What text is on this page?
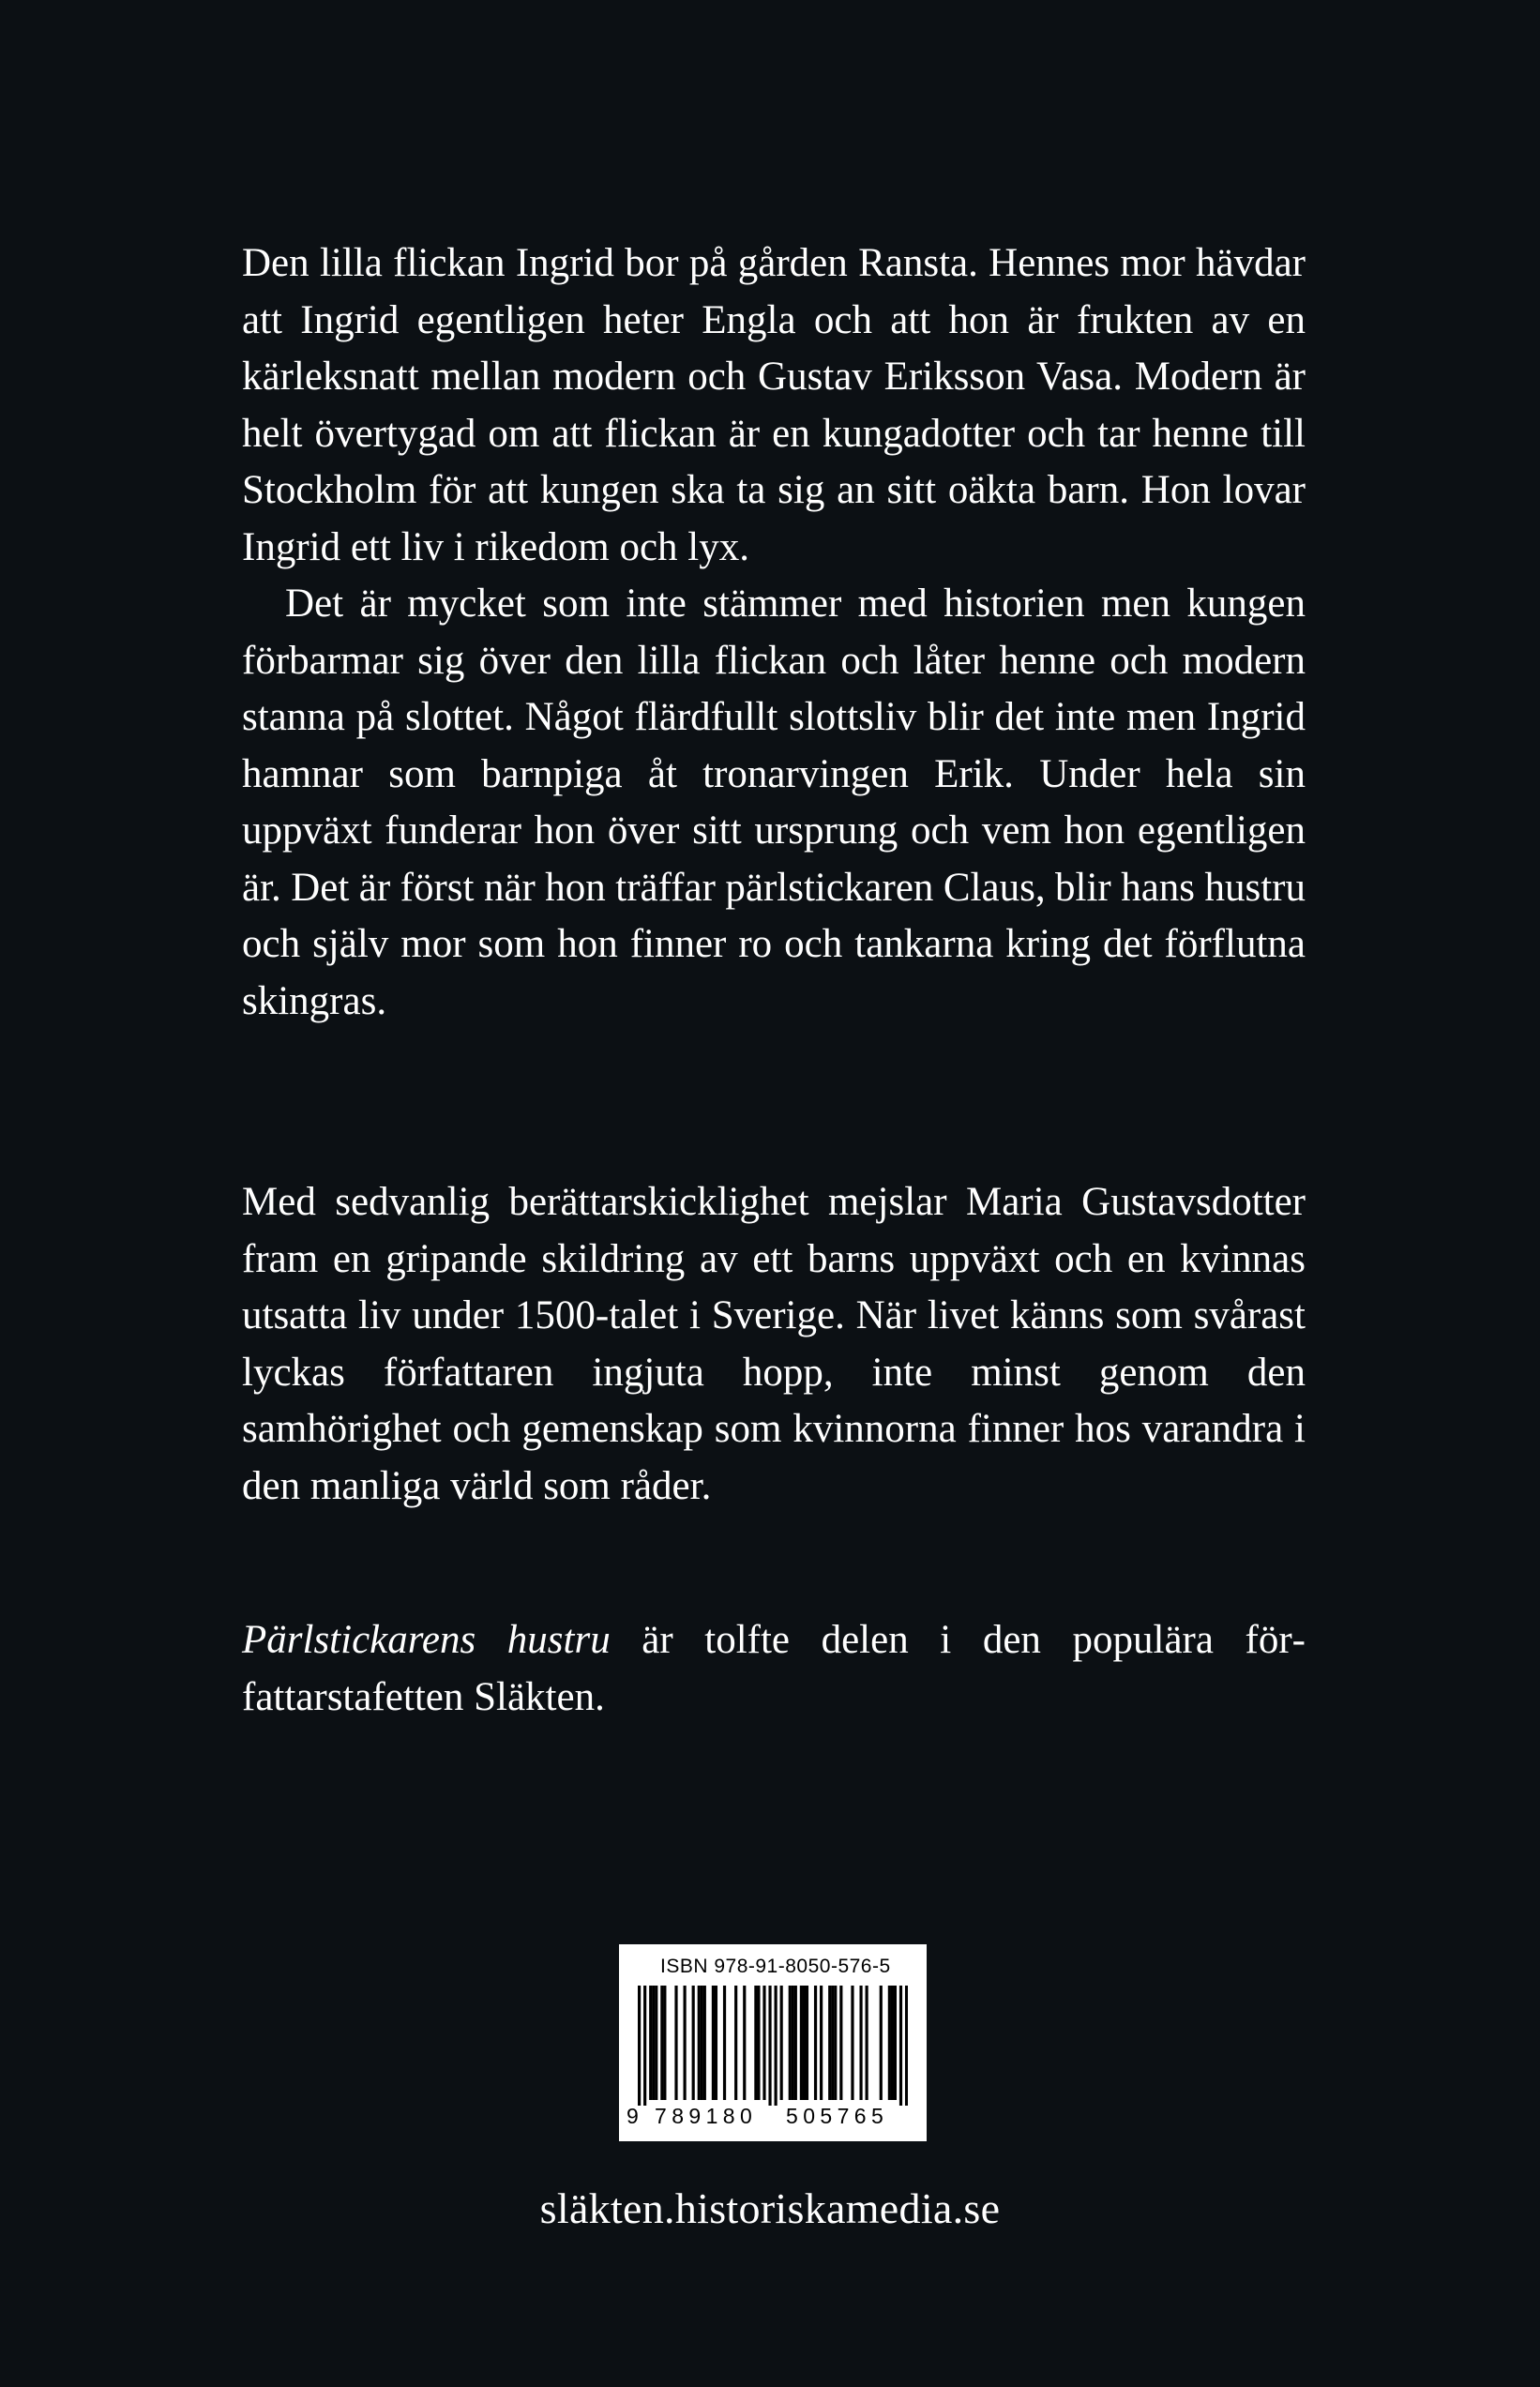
Den lilla flickan Ingrid bor på gården Ransta. Hennes mor hävdar att Ingrid egentligen heter Engla och att hon är frukten av en kärleksnatt mellan modern och Gustav Eriksson Vasa. Modern är helt övertygad om att flickan är en kungadotter och tar henne till Stockholm för att kungen ska ta sig an sitt oäkta barn. Hon lovar Ingrid ett liv i rikedom och lyx.

Det är mycket som inte stämmer med historien men kungen förbarmar sig över den lilla flickan och låter henne och modern stanna på slottet. Något flärdfullt slottsliv blir det inte men Ingrid hamnar som barnpiga åt tronarvingen Erik. Under hela sin uppväxt funderar hon över sitt ursprung och vem hon egentligen är. Det är först när hon träffar pärlstickaren Claus, blir hans hustru och själv mor som hon finner ro och tankarna kring det förflutna skingras.

Med sedvanlig berättarskicklighet mejslar Maria Gustavsdotter fram en gripande skildring av ett barns uppväxt och en kvinnas utsatta liv under 1500-talet i Sverige. När livet känns som svårast lyckas författaren ingjuta hopp, inte minst genom den samhörighet och gemenskap som kvinnorna finner hos varandra i den manliga värld som råder.

Pärlstickarens hustru är tolfte delen i den populära författarstafetten Släkten.

ISBN 978-91-8050-576-5
9 789180 505765
släkten.historiskamedia.se
